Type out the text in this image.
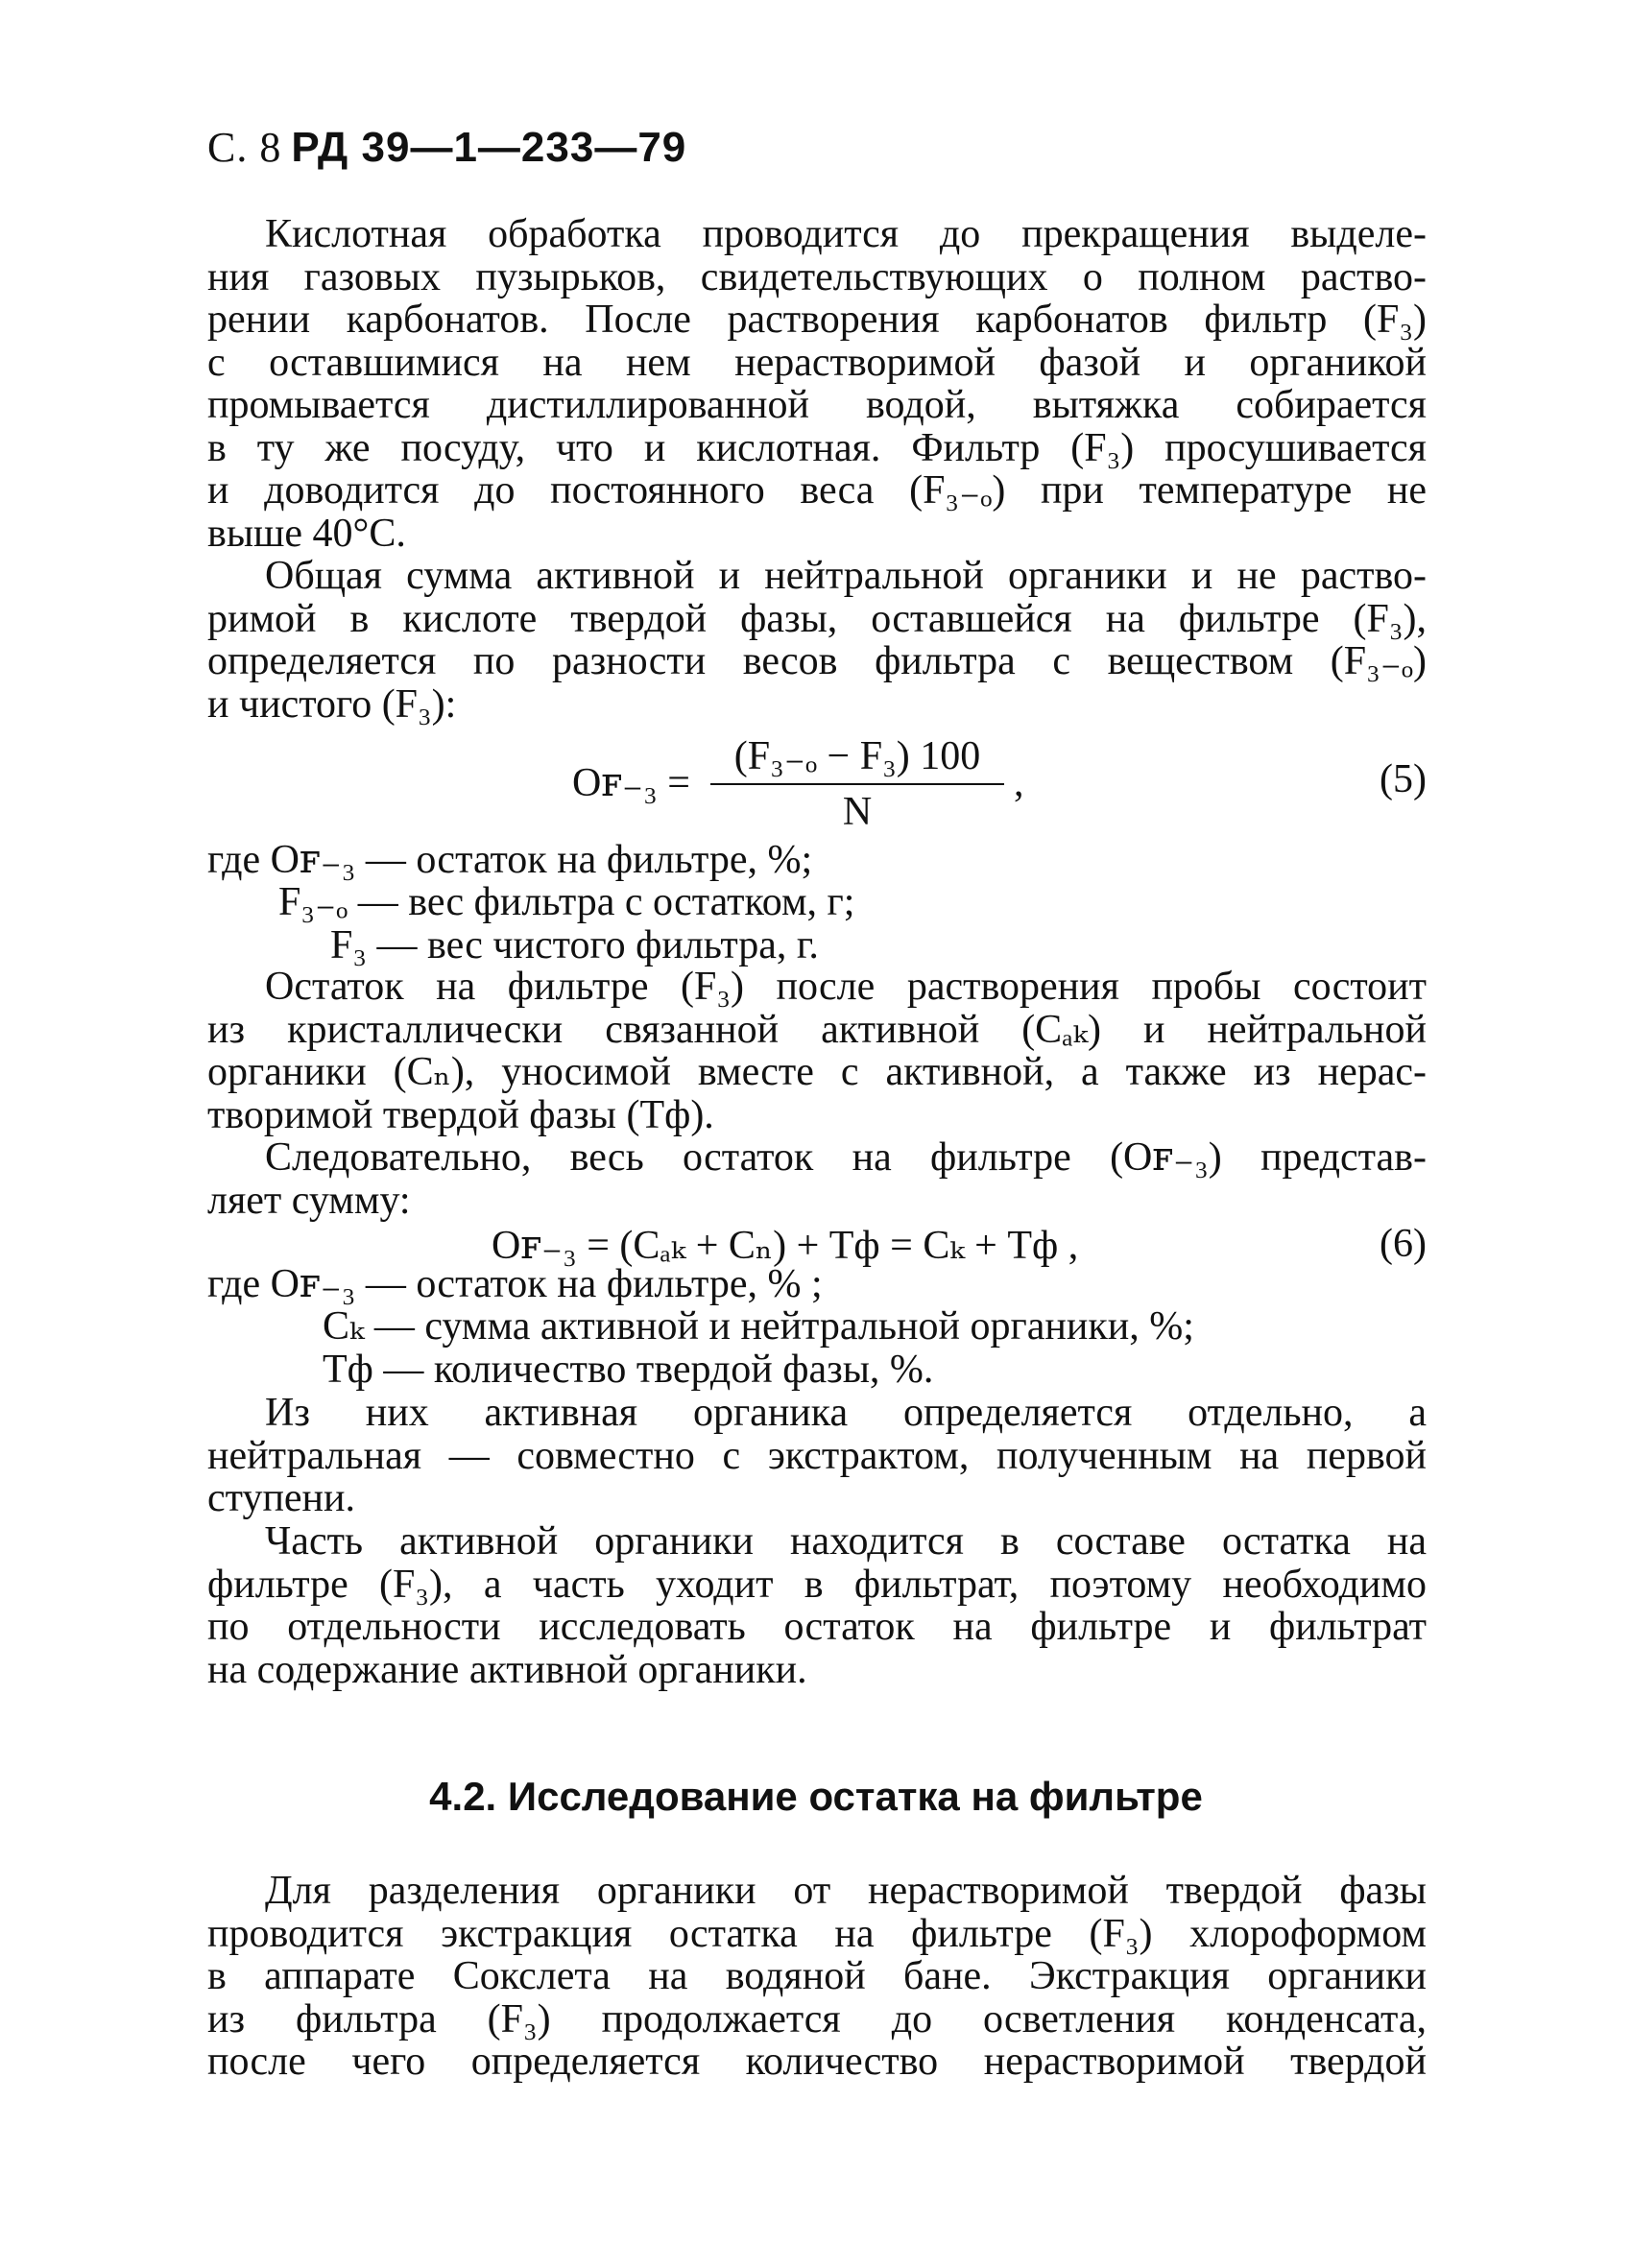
С. 8 РД 39—1—233—79
Кислотная обработка проводится до прекращения выделе-
ния газовых пузырьков, свидетельствующих о полном раство-
рении карбонатов. После растворения карбонатов фильтр (F₃)
с оставшимися на нем нерастворимой фазой и органикой
промывается дистиллированной водой, вытяжка собирается
в ту же посуду, что и кислотная. Фильтр (F₃) просушивается
и доводится до постоянного веса (F₃₋ₒ) при температуре не
выше 40°С.
Общая сумма активной и нейтральной органики и не раство-
римой в кислоте твердой фазы, оставшейся на фильтре (F₃),
определяется по разности весов фильтра с веществом (F₃₋ₒ)
и чистого (F₃):
Оꜰ₋₃ = $\frac{\text{(F₃₋ₒ − F₃) 100}}{N}$ ,	(5)
где Оꜰ₋₃ — остаток на фильтре, %;
F₃₋ₒ — вес фильтра с остатком, г;
F₃ — вес чистого фильтра, г.
Остаток на фильтре (F₃) после растворения пробы состоит
из кристаллически связанной активной (Сₐₖ) и нейтральной
органики (Сₙ), уносимой вместе с активной, а также из нерас-
творимой твердой фазы (Тф).
Следовательно, весь остаток на фильтре (Оꜰ₋₃) представ-
ляет сумму:
Оꜰ₋₃ = (Сₐₖ + Сₙ) + Тф = Сₖ + Тф ,	(6)
где Оꜰ₋₃ — остаток на фильтре, % ;
Сₖ — сумма активной и нейтральной органики, %;
Тф — количество твердой фазы, %.
Из них активная органика определяется отдельно, а
нейтральная — совместно с экстрактом, полученным на первой
ступени.
Часть активной органики находится в составе остатка на
фильтре (F₃), а часть уходит в фильтрат, поэтому необходимо
по отдельности исследовать остаток на фильтре и фильтрат
на содержание активной органики.
4.2. Исследование остатка на фильтре
Для разделения органики от нерастворимой твердой фазы
проводится экстракция остатка на фильтре (F₃) хлороформом
в аппарате Сокслета на водяной бане. Экстракция органики
из фильтра (F₃) продолжается до осветления конденсата,
после чего определяется количество нерастворимой твердой
